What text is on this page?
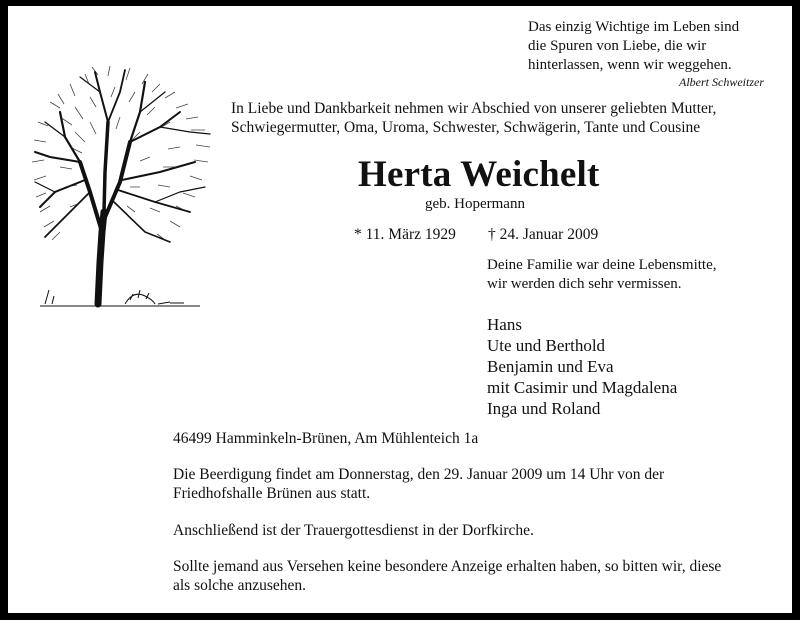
Das einzig Wichtige im Leben sind
die Spuren von Liebe, die wir
hinterlassen, wenn wir weggehen.
Albert Schweitzer
In Liebe und Dankbarkeit nehmen wir Abschied von unserer geliebten Mutter,
Schwiegermutter, Oma, Uroma, Schwester, Schwägerin, Tante und Cousine
Herta Weichelt
geb. Hopermann
* 11. März 1929 † 24. Januar 2009
Deine Familie war deine Lebensmitte,
wir werden dich sehr vermissen.
Hans
Ute und Berthold
Benjamin und Eva
mit Casimir und Magdalena
Inga und Roland
46499 Hamminkeln-Brünen, Am Mühlenteich 1a
Die Beerdigung findet am Donnerstag, den 29. Januar 2009 um 14 Uhr von der
Friedhofshalle Brünen aus statt.
Anschließend ist der Trauergottesdienst in der Dorfkirche.
Sollte jemand aus Versehen keine besondere Anzeige erhalten haben, so bitten wir, diese
als solche anzusehen.
